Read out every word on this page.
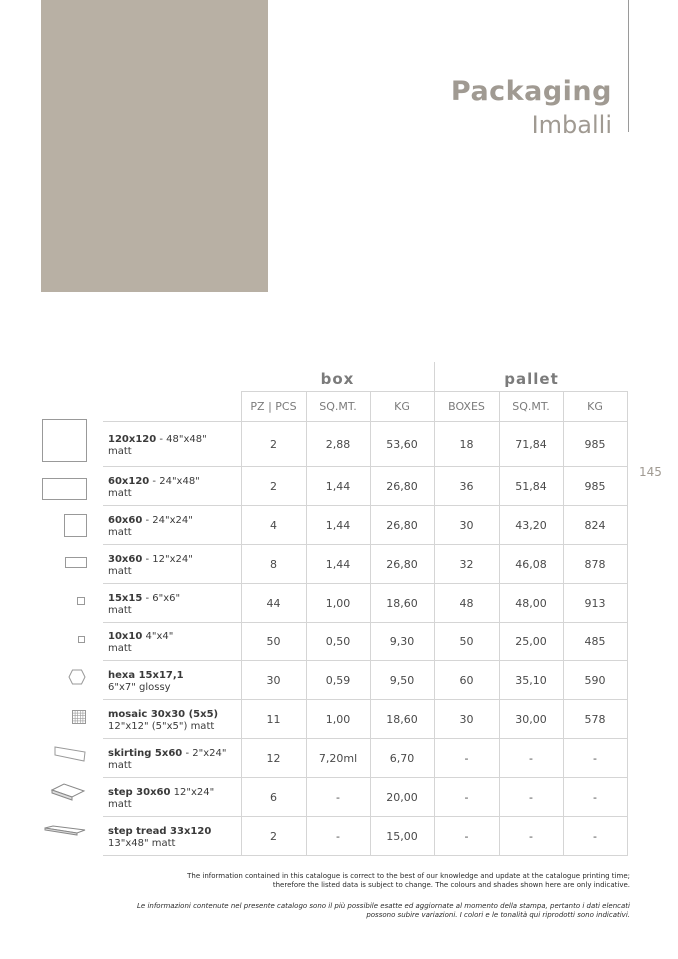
Packaging
Imballi
145
box	pallet
	PZ | PCS	SQ.MT.	KG	BOXES	SQ.MT.	KG
120x120 - 48"x48"
matt	2	2,88	53,60	18	71,84	985
60x120 - 24"x48"
matt	2	1,44	26,80	36	51,84	985
60x60 - 24"x24"
matt	4	1,44	26,80	30	43,20	824
30x60 - 12"x24"
matt	8	1,44	26,80	32	46,08	878
15x15 - 6"x6"
matt	44	1,00	18,60	48	48,00	913
10x10 4"x4"
matt	50	0,50	9,30	50	25,00	485
hexa 15x17,1
6"x7" glossy	30	0,59	9,50	60	35,10	590
mosaic 30x30 (5x5)
12"x12" (5"x5") matt	11	1,00	18,60	30	30,00	578
skirting 5x60 - 2"x24"
matt	12	7,20ml	6,70	-	-	-
step 30x60 12"x24"
matt	6	-	20,00	-	-	-
step tread 33x120
13"x48" matt	2	-	15,00	-	-	-
The information contained in this catalogue is correct to the best of our knowledge and update at the catalogue printing time;
therefore the listed data is subject to change. The colours and shades shown here are only indicative.
Le informazioni contenute nel presente catalogo sono il più possibile esatte ed aggiornate al momento della stampa, pertanto i dati elencati
possono subire variazioni. I colori e le tonalità qui riprodotti sono indicativi.
